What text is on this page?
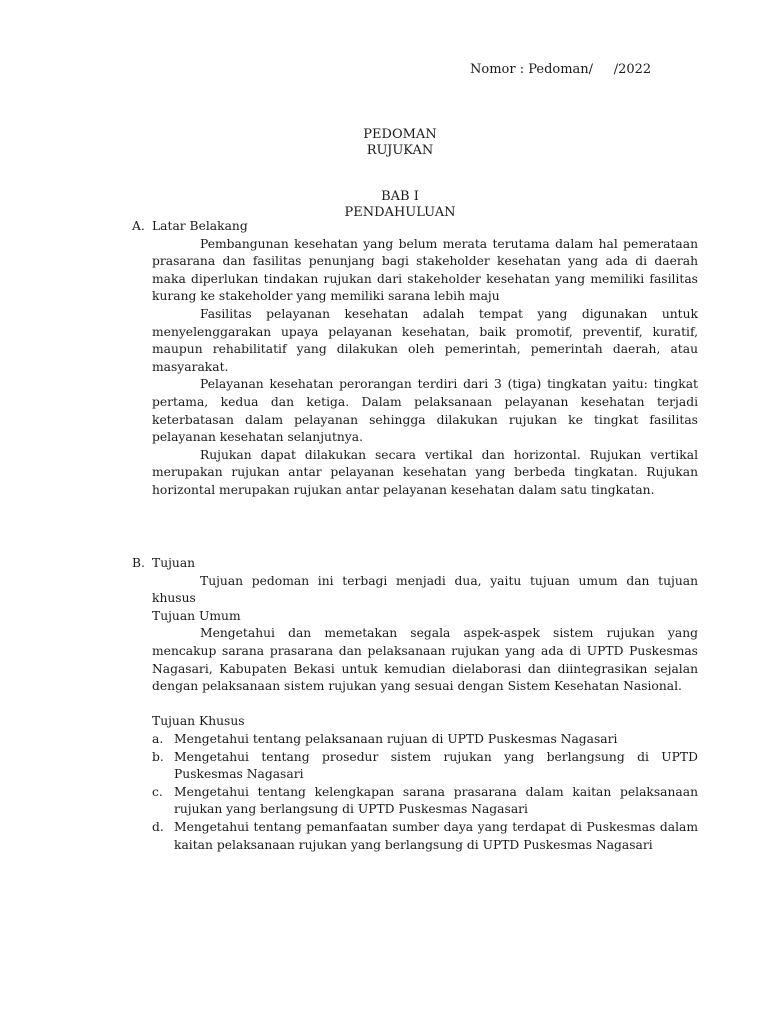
Nomor : Pedoman/     /2022
PEDOMAN
RUJUKAN
BAB I
PENDAHULUAN
A. Latar Belakang

Pembangunan kesehatan yang belum merata terutama dalam hal pemerataan prasarana dan fasilitas penunjang bagi stakeholder kesehatan yang ada di daerah maka diperlukan tindakan rujukan dari stakeholder kesehatan yang memiliki fasilitas kurang ke stakeholder yang memiliki sarana lebih maju

Fasilitas pelayanan kesehatan adalah tempat yang digunakan untuk menyelenggarakan upaya pelayanan kesehatan, baik promotif, preventif, kuratif, maupun rehabilitatif yang dilakukan oleh pemerintah, pemerintah daerah, atau masyarakat.

Pelayanan kesehatan perorangan terdiri dari 3 (tiga) tingkatan yaitu: tingkat pertama, kedua dan ketiga. Dalam pelaksanaan pelayanan kesehatan terjadi keterbatasan dalam pelayanan sehingga dilakukan rujukan ke tingkat fasilitas pelayanan kesehatan selanjutnya.

Rujukan dapat dilakukan secara vertikal dan horizontal. Rujukan vertikal merupakan rujukan antar pelayanan kesehatan yang berbeda tingkatan. Rujukan horizontal merupakan rujukan antar pelayanan kesehatan dalam satu tingkatan.

B. Tujuan

Tujuan pedoman ini terbagi menjadi dua, yaitu tujuan umum dan tujuan khusus

Tujuan Umum

Mengetahui dan memetakan segala aspek-aspek sistem rujukan yang mencakup sarana prasarana dan pelaksanaan rujukan yang ada di UPTD Puskesmas Nagasari, Kabupaten Bekasi untuk kemudian dielaborasi dan diintegrasikan sejalan dengan pelaksanaan sistem rujukan yang sesuai dengan Sistem Kesehatan Nasional.

Tujuan Khusus
a. Mengetahui tentang pelaksanaan rujuan di UPTD Puskesmas Nagasari
b. Mengetahui tentang prosedur sistem rujukan yang berlangsung di UPTD Puskesmas Nagasari
c. Mengetahui tentang kelengkapan sarana prasarana dalam kaitan pelaksanaan rujukan yang berlangsung di UPTD Puskesmas Nagasari
d. Mengetahui tentang pemanfaatan sumber daya yang terdapat di Puskesmas dalam kaitan pelaksanaan rujukan yang berlangsung di UPTD Puskesmas Nagasari
